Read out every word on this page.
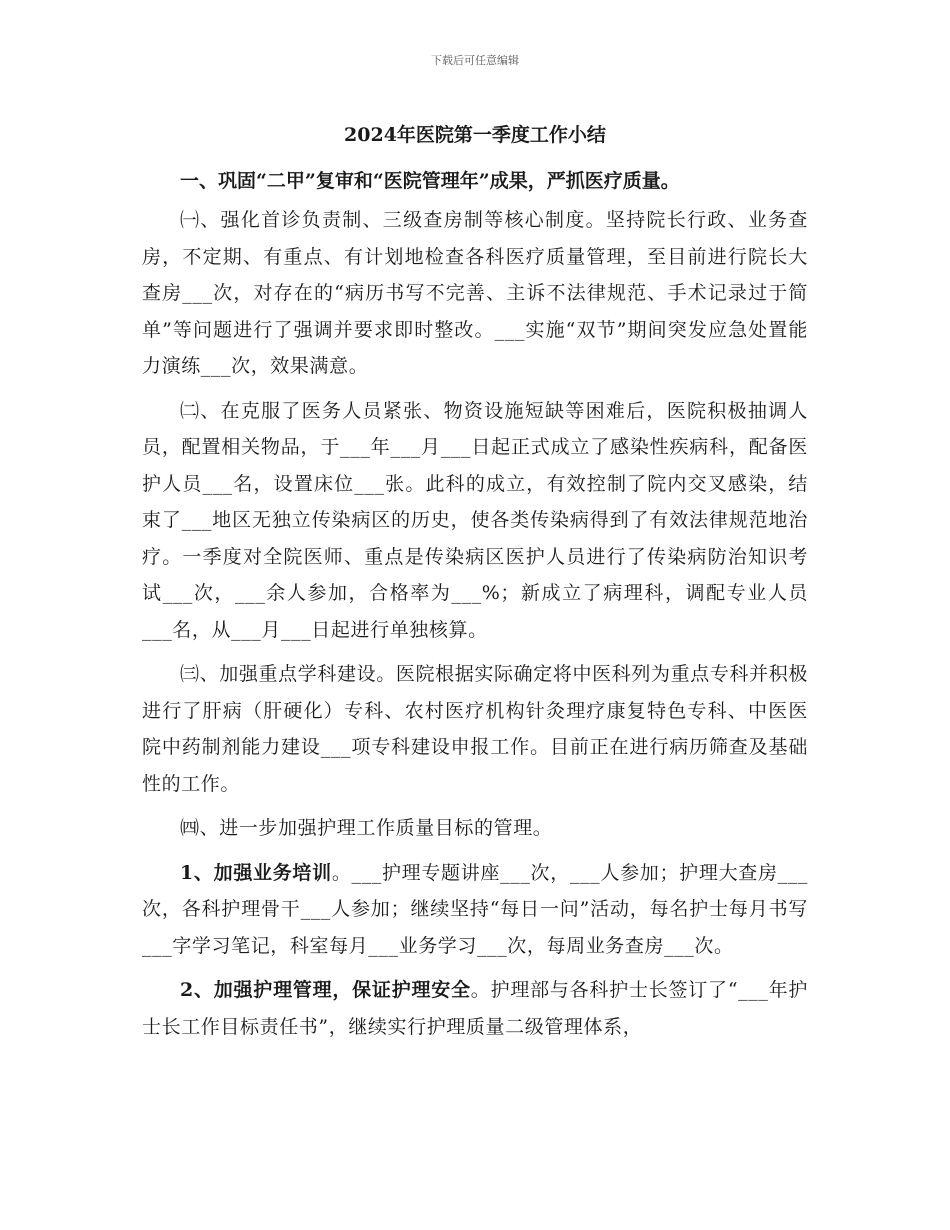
下载后可任意编辑
2024年医院第一季度工作小结
一、巩固“二甲”复审和“医院管理年”成果，严抓医疗质量。

㈠、强化首诊负责制、三级查房制等核心制度。坚持院长行政、业务查房，不定期、有重点、有计划地检查各科医疗质量管理，至目前进行院长大查房___次，对存在的“病历书写不完善、主诉不法律规范、手术记录过于简单”等问题进行了强调并要求即时整改。___实施“双节”期间突发应急处置能力演练___次，效果满意。

㈡、在克服了医务人员紧张、物资设施短缺等困难后，医院积极抽调人员，配置相关物品，于___年___月___日起正式成立了感染性疾病科，配备医护人员___名，设置床位___张。此科的成立，有效控制了院内交叉感染，结束了___地区无独立传染病区的历史，使各类传染病得到了有效法律规范地治疗。一季度对全院医师、重点是传染病区医护人员进行了传染病防治知识考试___次，___余人参加，合格率为___%；新成立了病理科，调配专业人员___名，从___月___日起进行单独核算。

㈢、加强重点学科建设。医院根据实际确定将中医科列为重点专科并积极进行了肝病（肝硬化）专科、农村医疗机构针灸理疗康复特色专科、中医医院中药制剂能力建设___项专科建设申报工作。目前正在进行病历筛查及基础性的工作。

㈣、进一步加强护理工作质量目标的管理。

1、加强业务培训。___护理专题讲座___次，___人参加；护理大查房___次，各科护理骨干___人参加；继续坚持“每日一问”活动，每名护士每月书写___字学习笔记，科室每月___业务学习___次，每周业务查房___次。

2、加强护理管理，保证护理安全。护理部与各科护士长签订了“___年护士长工作目标责任书”，继续实行护理质量二级管理体系，
